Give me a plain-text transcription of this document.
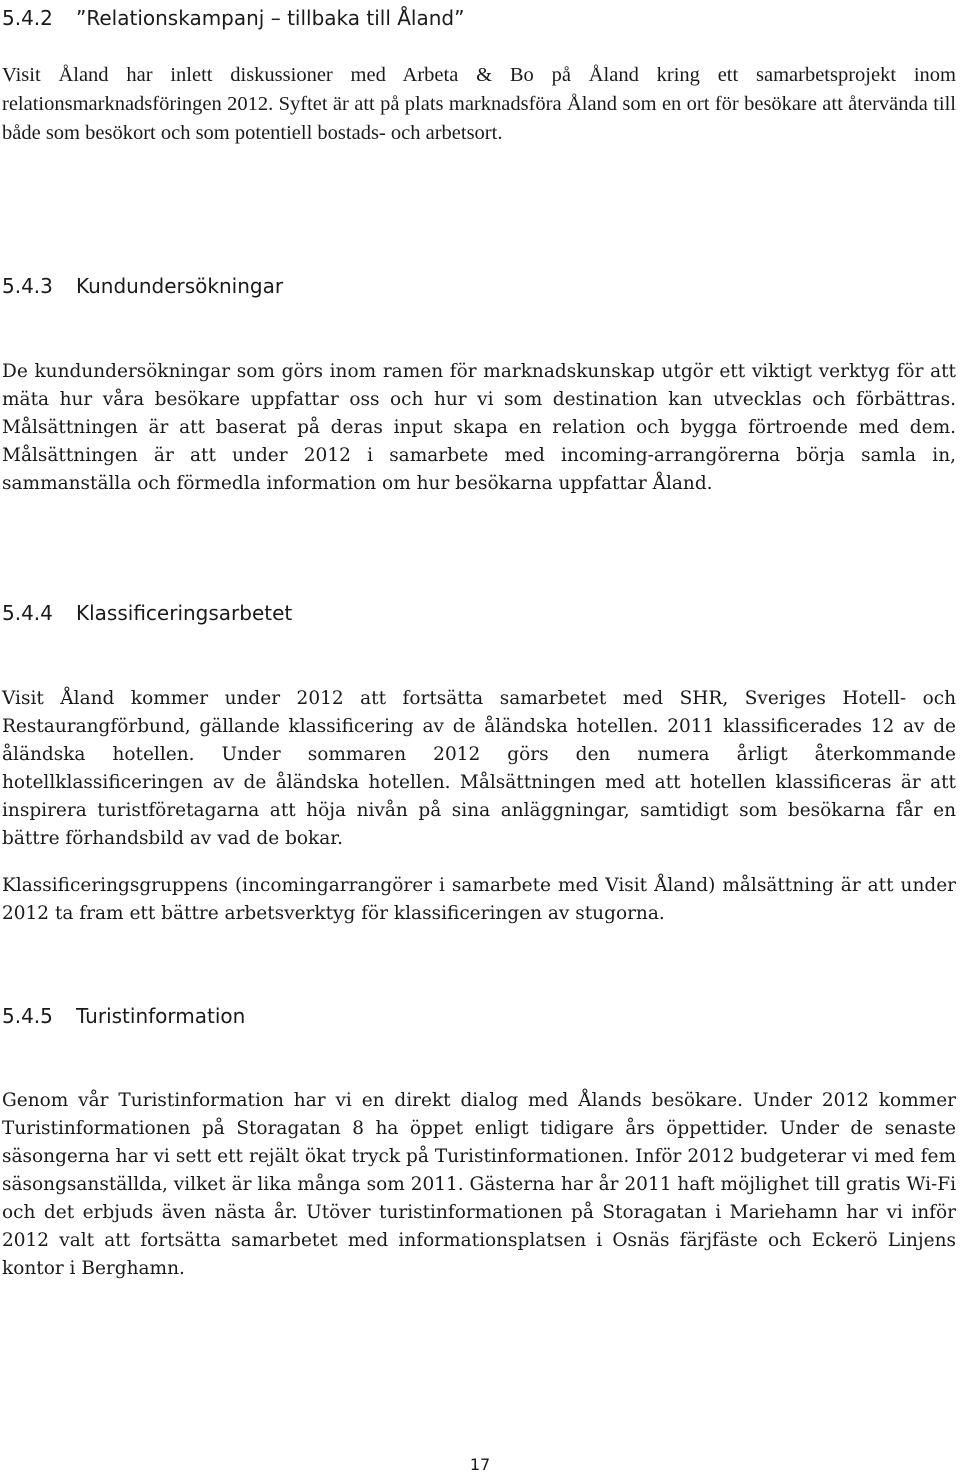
5.4.2 ”Relationskampanj – tillbaka till Åland”

Visit Åland har inlett diskussioner med Arbeta & Bo på Åland kring ett samarbetsprojekt inom relationsmarknadsföringen 2012. Syftet är att på plats marknadsföra Åland som en ort för besökare att återvända till både som besökort och som potentiell bostads- och arbetsort.

5.4.3 Kundundersökningar

De kundundersökningar som görs inom ramen för marknadskunskap utgör ett viktigt verktyg för att mäta hur våra besökare uppfattar oss och hur vi som destination kan utvecklas och förbättras. Målsättningen är att baserat på deras input skapa en relation och bygga förtroende med dem. Målsättningen är att under 2012 i samarbete med incoming-arrangörerna börja samla in, sammanställa och förmedla information om hur besökarna uppfattar Åland.

5.4.4 Klassificeringsarbetet

Visit Åland kommer under 2012 att fortsätta samarbetet med SHR, Sveriges Hotell- och Restaurangförbund, gällande klassificering av de åländska hotellen. 2011 klassificerades 12 av de åländska hotellen. Under sommaren 2012 görs den numera årligt återkommande hotellklassificeringen av de åländska hotellen. Målsättningen med att hotellen klassificeras är att inspirera turistföretagarna att höja nivån på sina anläggningar, samtidigt som besökarna får en bättre förhandsbild av vad de bokar.

Klassificeringsgruppens (incomingarrangörer i samarbete med Visit Åland) målsättning är att under 2012 ta fram ett bättre arbetsverktyg för klassificeringen av stugorna.

5.4.5 Turistinformation

Genom vår Turistinformation har vi en direkt dialog med Ålands besökare. Under 2012 kommer Turistinformationen på Storagatan 8 ha öppet enligt tidigare års öppettider. Under de senaste säsongerna har vi sett ett rejält ökat tryck på Turistinformationen. Inför 2012 budgeterar vi med fem säsongsanställda, vilket är lika många som 2011. Gästerna har år 2011 haft möjlighet till gratis Wi-Fi och det erbjuds även nästa år. Utöver turistinformationen på Storagatan i Mariehamn har vi inför 2012 valt att fortsätta samarbetet med informationsplatsen i Osnäs färjfäste och Eckerö Linjens kontor i Berghamn.

17
